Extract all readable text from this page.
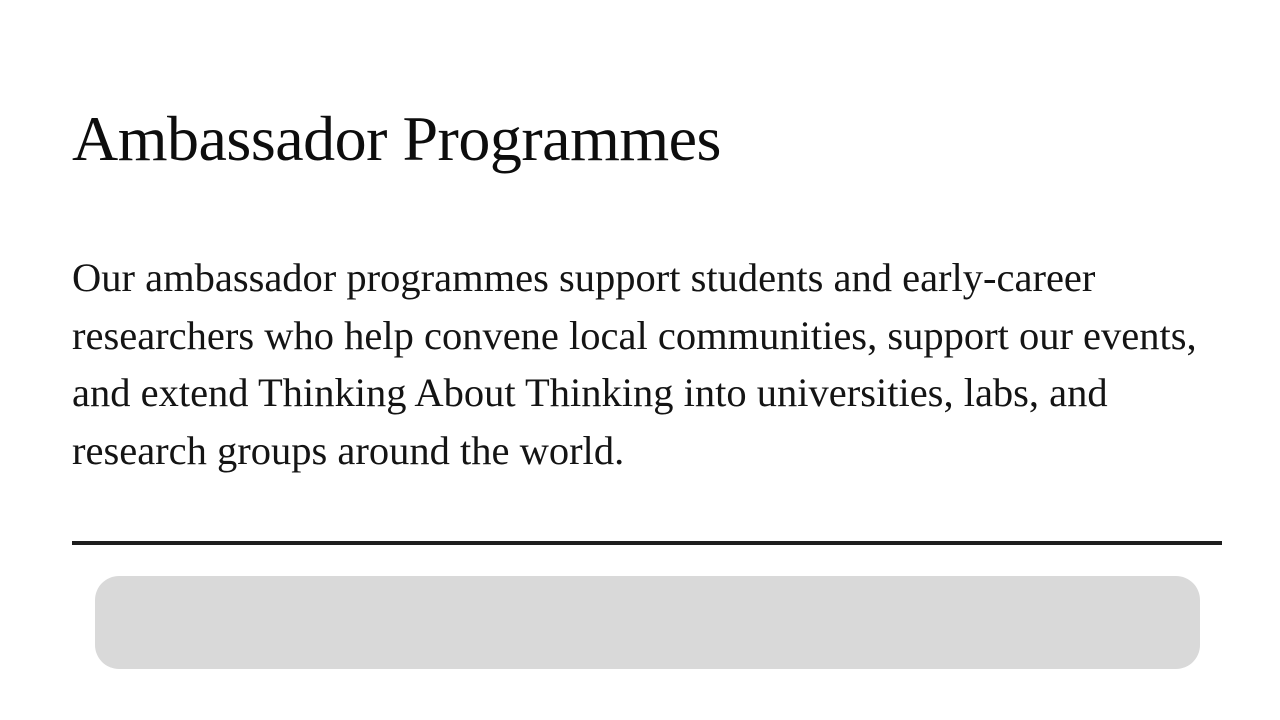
Ambassador Programmes

Our ambassador programmes support students and early-career researchers who help convene local communities, support our events, and extend Thinking About Thinking into universities, labs, and research groups around the world.
